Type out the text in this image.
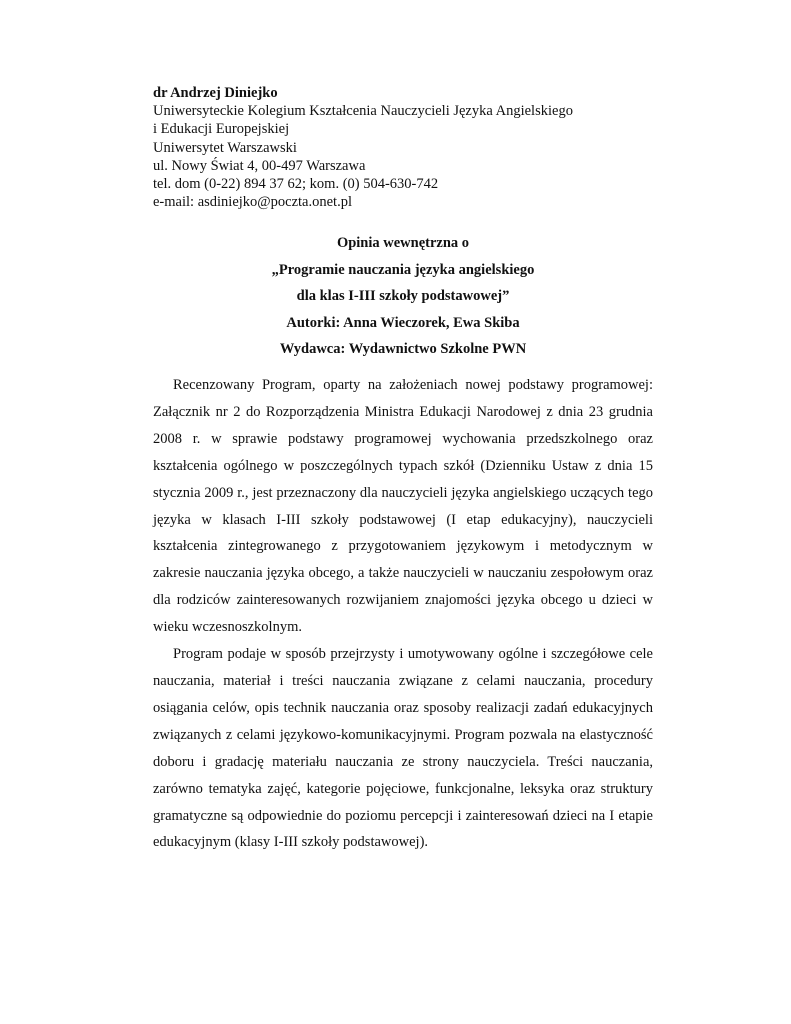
dr Andrzej Diniejko
Uniwersyteckie Kolegium Kształcenia Nauczycieli Języka Angielskiego
i Edukacji Europejskiej
Uniwersytet Warszawski
ul. Nowy Świat 4, 00-497 Warszawa
tel. dom (0-22) 894 37 62; kom. (0) 504-630-742
e-mail: asdiniejko@poczta.onet.pl
Opinia wewnętrzna o
„Programie nauczania języka angielskiego
dla klas I-III szkoły podstawowej”
Autorki: Anna Wieczorek, Ewa Skiba
Wydawca: Wydawnictwo Szkolne PWN

Recenzowany Program, oparty na założeniach nowej podstawy programowej: Załącznik nr 2 do Rozporządzenia Ministra Edukacji Narodowej z dnia 23 grudnia 2008 r. w sprawie podstawy programowej wychowania przedszkolnego oraz kształcenia ogólnego w poszczególnych typach szkół (Dzienniku Ustaw z dnia 15 stycznia 2009 r., jest przeznaczony dla nauczycieli języka angielskiego uczących tego języka w klasach I-III szkoły podstawowej (I etap edukacyjny), nauczycieli kształcenia zintegrowanego z przygotowaniem językowym i metodycznym w zakresie nauczania języka obcego, a także nauczycieli w nauczaniu zespołowym oraz dla rodziców zainteresowanych rozwijaniem znajomości języka obcego u dzieci w wieku wczesnoszkolnym.

Program podaje w sposób przejrzysty i umotywowany ogólne i szczegółowe cele nauczania, materiał i treści nauczania związane z celami nauczania, procedury osiągania celów, opis technik nauczania oraz sposoby realizacji zadań edukacyjnych związanych z celami językowo-komunikacyjnymi. Program pozwala na elastyczność doboru i gradację materiału nauczania ze strony nauczyciela. Treści nauczania, zarówno tematyka zajęć, kategorie pojęciowe, funkcjonalne, leksyka oraz struktury gramatyczne są odpowiednie do poziomu percepcji i zainteresowań dzieci na I etapie edukacyjnym (klasy I-III szkoły podstawowej).
